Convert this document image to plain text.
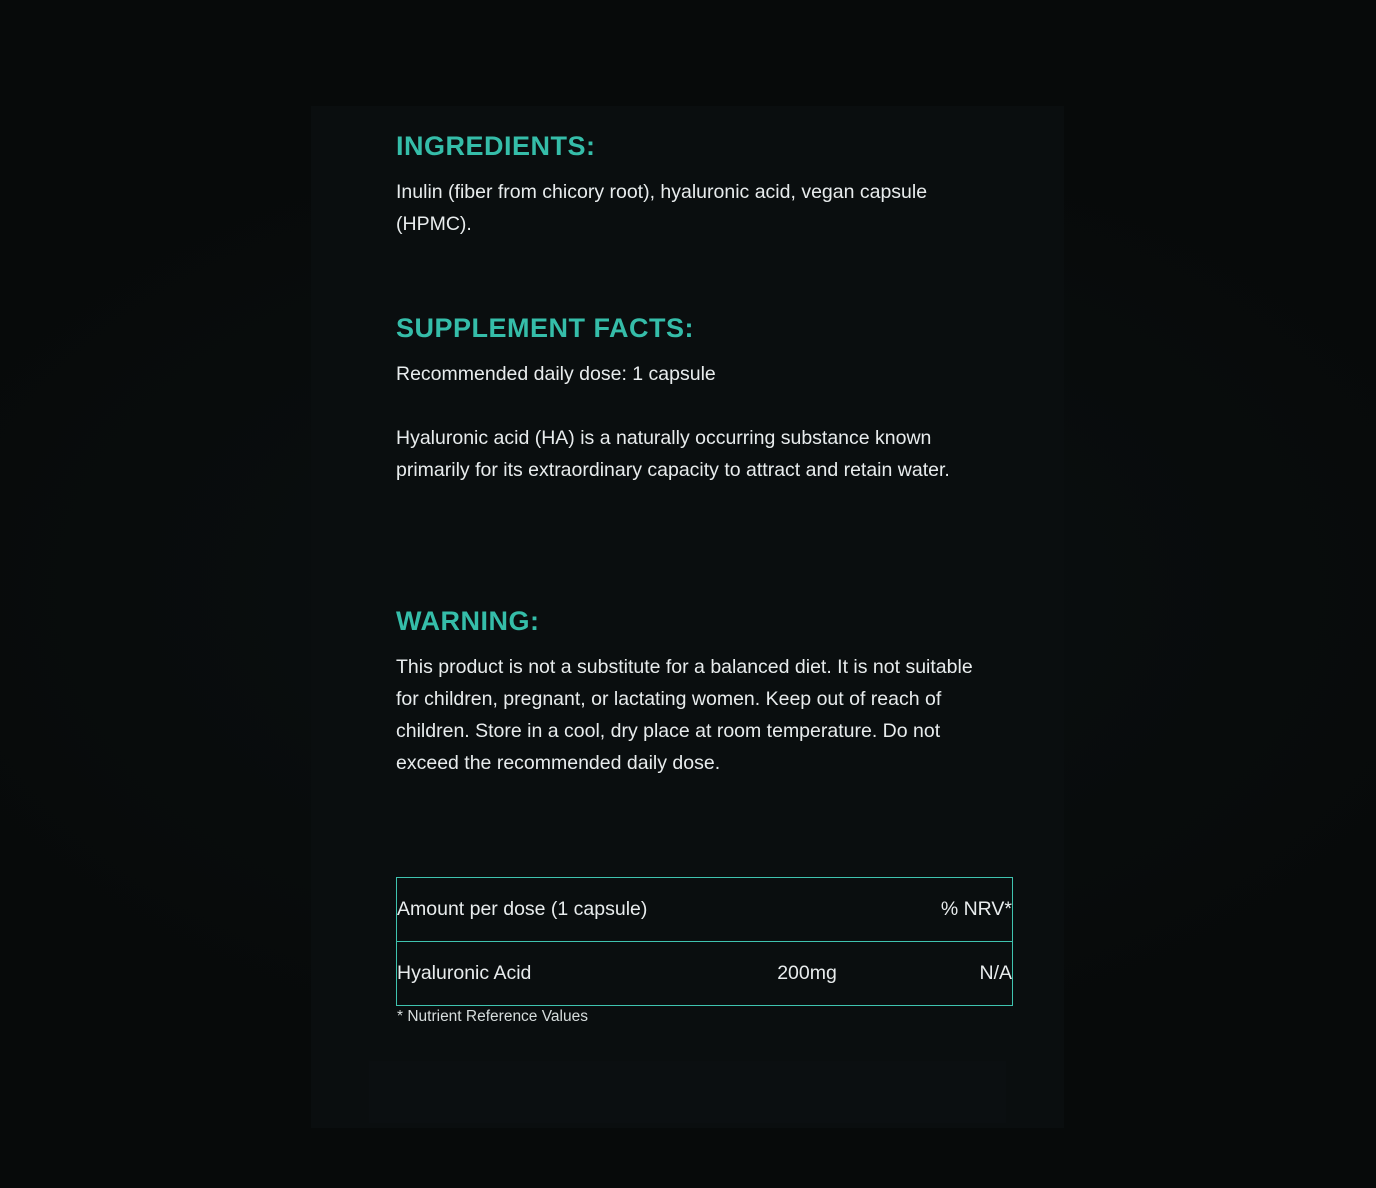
INGREDIENTS:

Inulin (fiber from chicory root), hyaluronic acid, vegan capsule (HPMC).

SUPPLEMENT FACTS:

Recommended daily dose: 1 capsule

Hyaluronic acid (HA) is a naturally occurring substance known primarily for its extraordinary capacity to attract and retain water.

WARNING:

This product is not a substitute for a balanced diet. It is not suitable for children, pregnant, or lactating women. Keep out of reach of children. Store in a cool, dry place at room temperature. Do not exceed the recommended daily dose.

Amount per dose (1 capsule)		% NRV*
Hyaluronic Acid	200mg	N/A
* Nutrient Reference Values
